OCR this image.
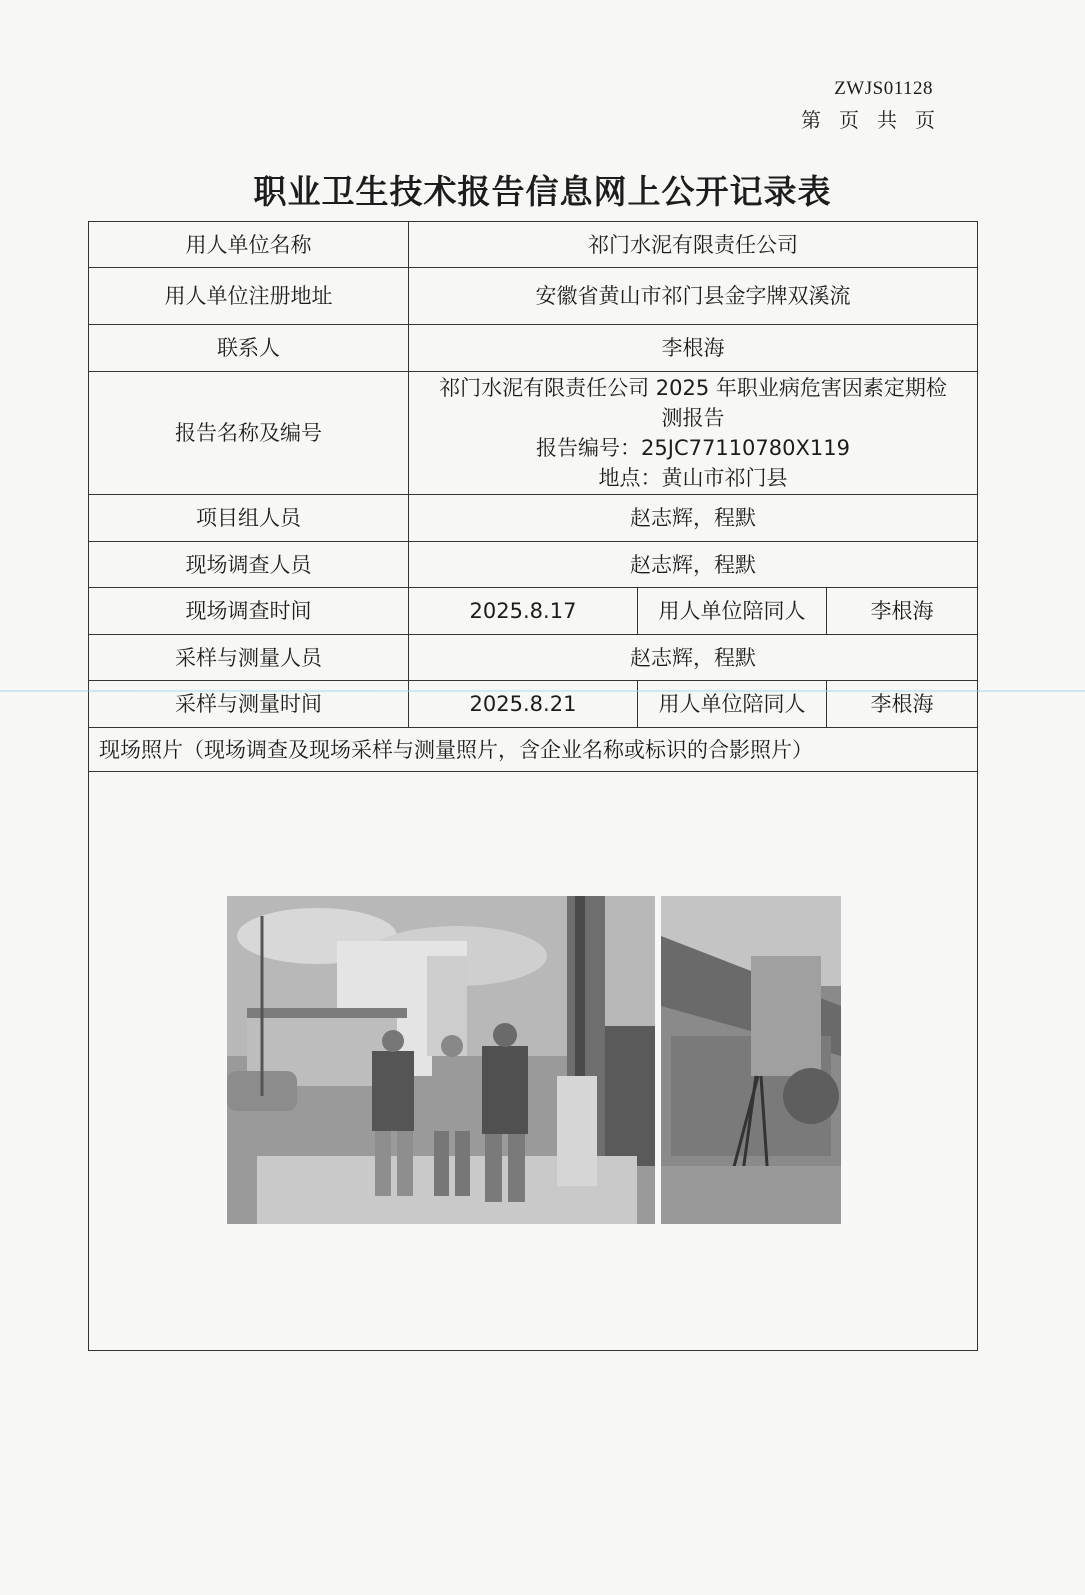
ZWJS01128
第 页 共 页
职业卫生技术报告信息网上公开记录表
用人单位名称	祁门水泥有限责任公司		
用人单位注册地址	安徽省黄山市祁门县金字牌双溪流		
联系人	李根海		
报告名称及编号	祁门水泥有限责任公司 2025 年职业病危害因素定期检
测报告
报告编号：25JC77110780X119
地点：黄山市祁门县		

项目组人员	赵志辉，程默		
现场调查人员	赵志辉，程默		
现场调查时间	2025.8.17	用人单位陪同人	李根海
采样与测量人员	赵志辉，程默		
采样与测量时间	2025.8.21	用人单位陪同人	李根海
现场照片（现场调查及现场采样与测量照片，含企业名称或标识的合影照片）			
